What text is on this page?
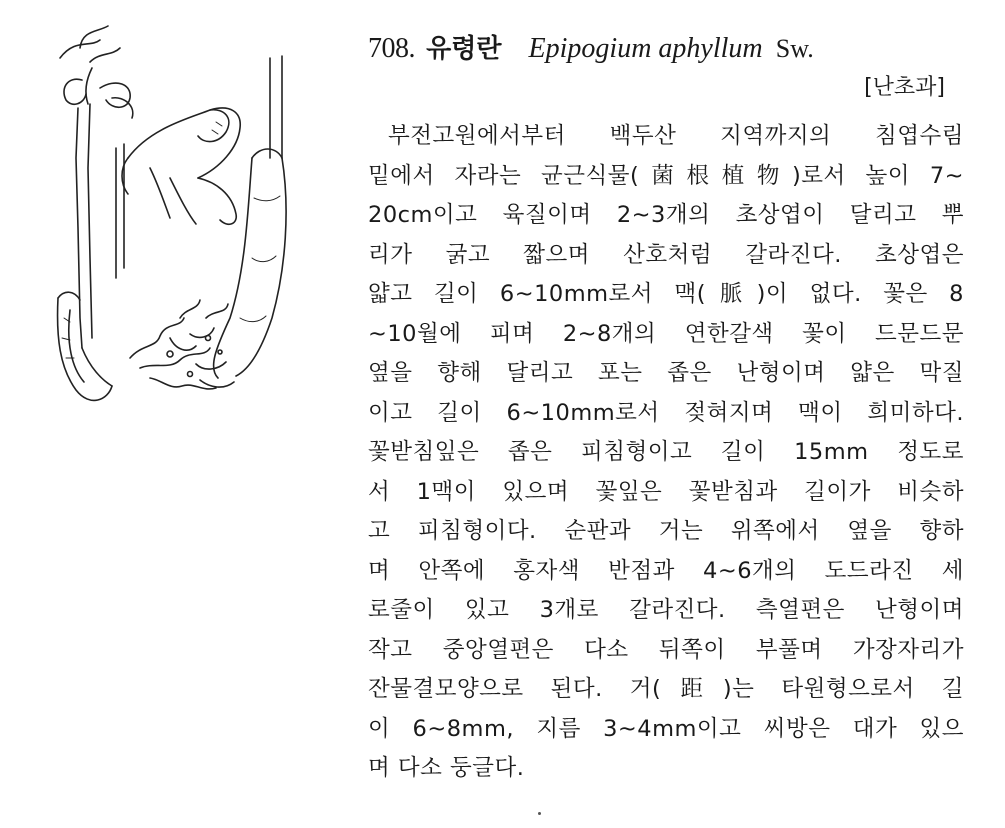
708. 유령란 Epipogium aphyllum Sw.
[난초과]
부전고원에서부터 백두산 지역까지의 침엽수림
밑에서 자라는 균근식물(菌根植物)로서 높이 7~
20cm이고 육질이며 2~3개의 초상엽이 달리고 뿌
리가 굵고 짧으며 산호처럼 갈라진다. 초상엽은
얇고 길이 6~10mm로서 맥(脈)이 없다. 꽃은 8
~10월에 피며 2~8개의 연한갈색 꽃이 드문드문
옆을 향해 달리고 포는 좁은 난형이며 얇은 막질
이고 길이 6~10mm로서 젖혀지며 맥이 희미하다.
꽃받침잎은 좁은 피침형이고 길이 15mm 정도로
서 1맥이 있으며 꽃잎은 꽃받침과 길이가 비슷하
고 피침형이다. 순판과 거는 위쪽에서 옆을 향하
며 안쪽에 홍자색 반점과 4~6개의 도드라진 세
로줄이 있고 3개로 갈라진다. 측열편은 난형이며
작고 중앙열편은 다소 뒤쪽이 부풀며 가장자리가
잔물결모양으로 된다. 거(距)는 타원형으로서 길
이 6~8mm, 지름 3~4mm이고 씨방은 대가 있으
며 다소 둥글다.
